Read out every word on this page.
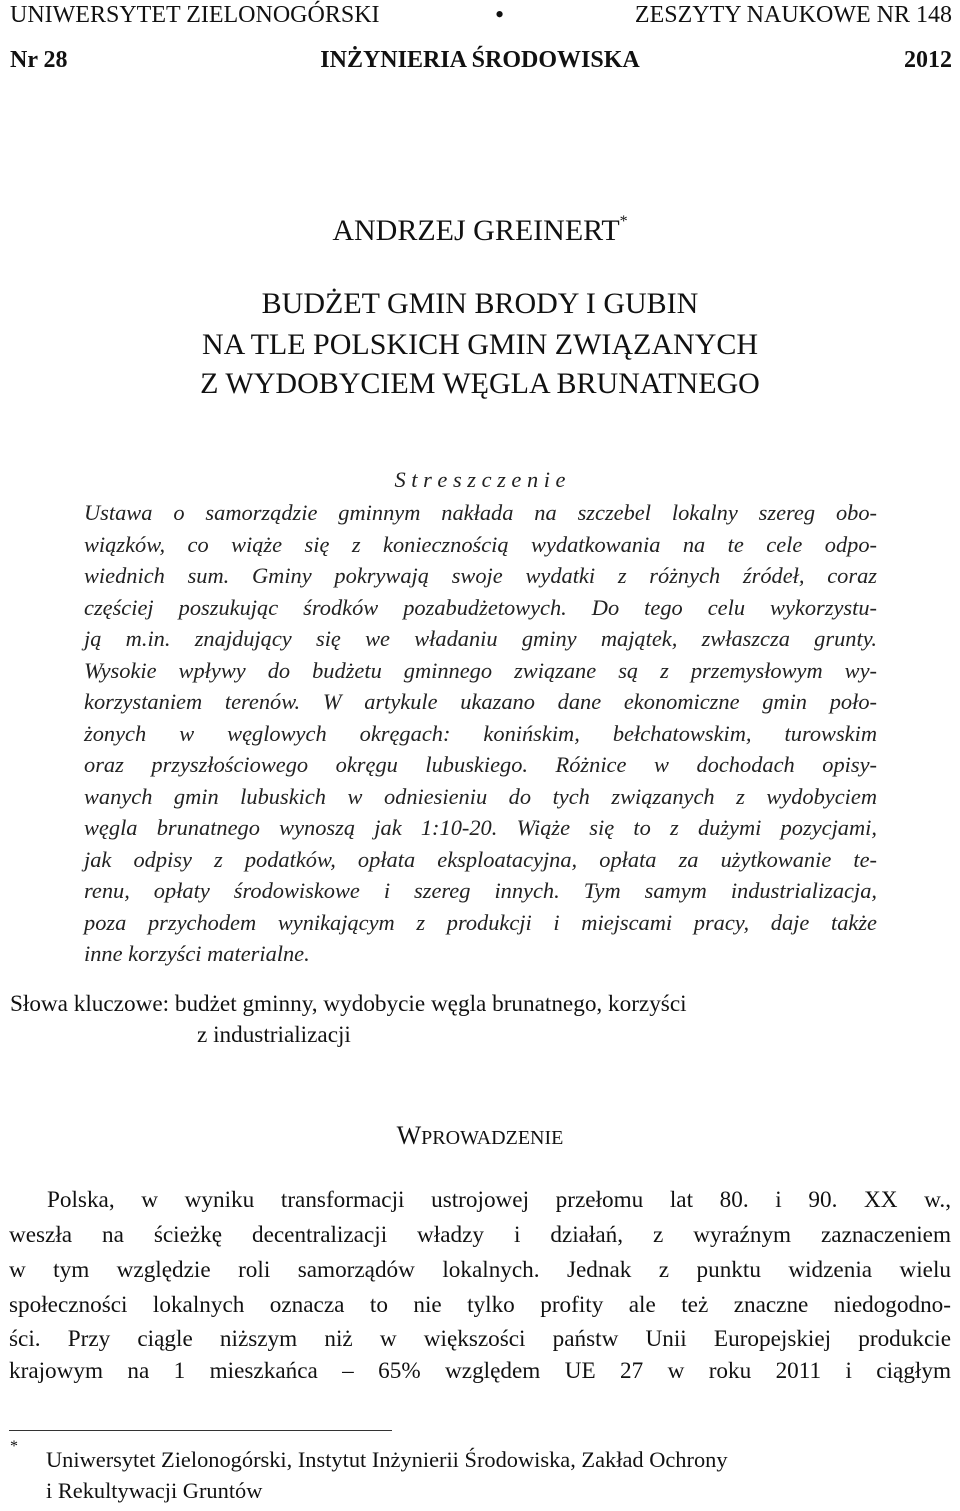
UNIWERSYTET ZIELONOGÓRSKI	•	ZESZYTY NAUKOWE NR 148
Nr 28	INŻYNIERIA ŚRODOWISKA	2012
ANDRZEJ GREINERT*
BUDŻET GMIN BRODY I GUBIN
NA TLE POLSKICH GMIN ZWIĄZANYCH
Z WYDOBYCIEM WĘGLA BRUNATNEGO
S t r e s z c z e n i e
Ustawa o samorządzie gminnym nakłada na szczebel lokalny szereg obo-
wiązków, co wiąże się z koniecznością wydatkowania na te cele odpo-
wiednich sum. Gminy pokrywają swoje wydatki z różnych źródeł, coraz
częściej poszukując środków pozabudżetowych. Do tego celu wykorzystu-
ją m.in. znajdujący się we władaniu gminy majątek, zwłaszcza grunty.
Wysokie wpływy do budżetu gminnego związane są z przemysłowym wy-
korzystaniem terenów. W artykule ukazano dane ekonomiczne gmin poło-
żonych w węglowych okręgach: konińskim, bełchatowskim, turowskim
oraz przyszłościowego okręgu lubuskiego. Różnice w dochodach opisy-
wanych gmin lubuskich w odniesieniu do tych związanych z wydobyciem
węgla brunatnego wynoszą jak 1:10-20. Wiąże się to z dużymi pozycjami,
jak odpisy z podatków, opłata eksploatacyjna, opłata za użytkowanie te-
renu, opłaty środowiskowe i szereg innych. Tym samym industrializacja,
poza przychodem wynikającym z produkcji i miejscami pracy, daje także
inne korzyści materialne.
Słowa kluczowe: budżet gminny, wydobycie węgla brunatnego, korzyści
z industrializacji
WPROWADZENIE
Polska, w wyniku transformacji ustrojowej przełomu lat 80. i 90. XX w.,
weszła na ścieżkę decentralizacji władzy i działań, z wyraźnym zaznaczeniem
w tym względzie roli samorządów lokalnych. Jednak z punktu widzenia wielu
społeczności lokalnych oznacza to nie tylko profity ale też znaczne niedogodno-
ści. Przy ciągle niższym niż w większości państw Unii Europejskiej produkcie
krajowym na 1 mieszkańca – 65% względem UE 27 w roku 2011 i ciągłym
*
Uniwersytet Zielonogórski, Instytut Inżynierii Środowiska, Zakład Ochrony
i Rekultywacji Gruntów
